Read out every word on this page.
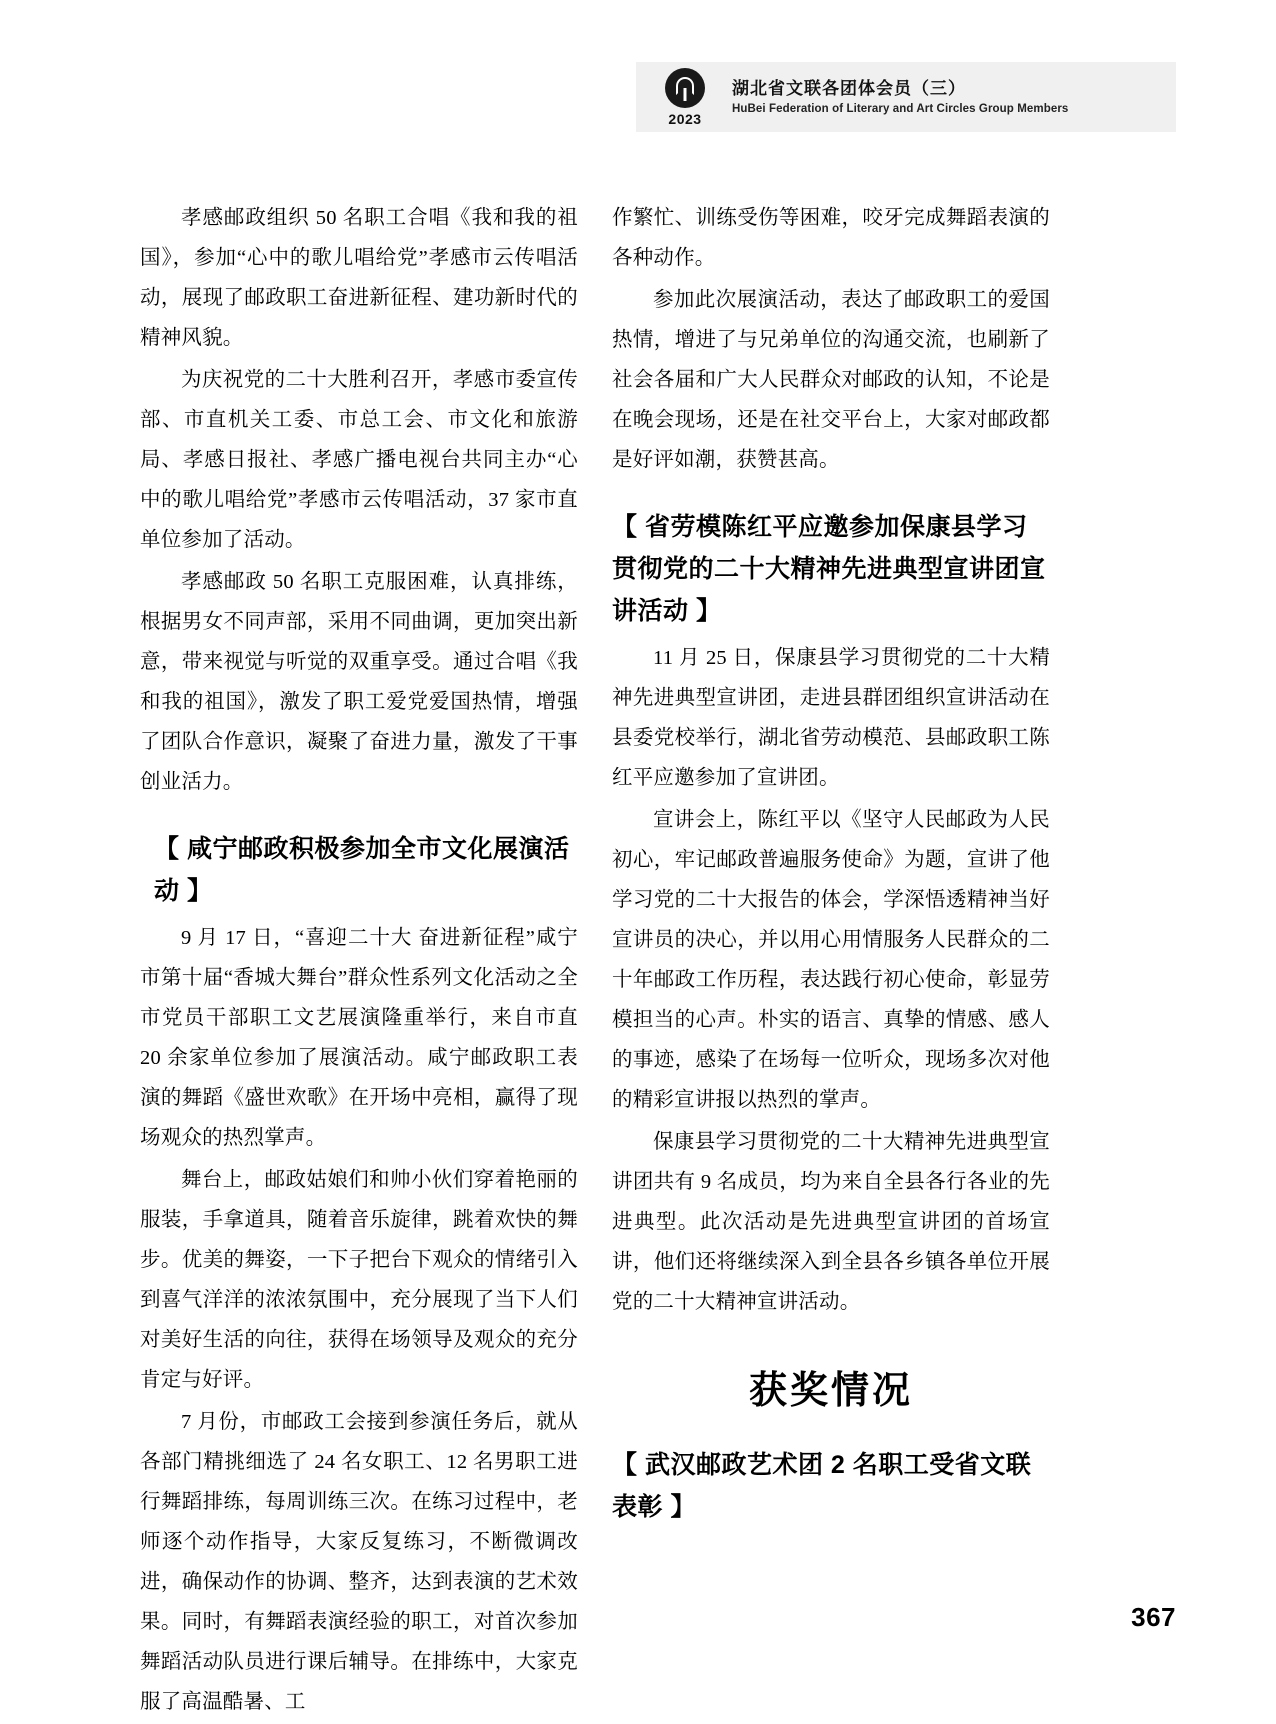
2023
湖北省文联各团体会员（三）
HuBei Federation of Literary and Art Circles Group Members

孝感邮政组织 50 名职工合唱《我和我的祖国》，参加“心中的歌儿唱给党”孝感市云传唱活动，展现了邮政职工奋进新征程、建功新时代的精神风貌。

为庆祝党的二十大胜利召开，孝感市委宣传部、市直机关工委、市总工会、市文化和旅游局、孝感日报社、孝感广播电视台共同主办“心中的歌儿唱给党”孝感市云传唱活动，37 家市直单位参加了活动。

孝感邮政 50 名职工克服困难，认真排练，根据男女不同声部，采用不同曲调，更加突出新意，带来视觉与听觉的双重享受。通过合唱《我和我的祖国》，激发了职工爱党爱国热情，增强了团队合作意识，凝聚了奋进力量，激发了干事创业活力。

【 咸宁邮政积极参加全市文化展演活动 】

9 月 17 日，“喜迎二十大 奋进新征程”咸宁市第十届“香城大舞台”群众性系列文化活动之全市党员干部职工文艺展演隆重举行，来自市直 20 余家单位参加了展演活动。咸宁邮政职工表演的舞蹈《盛世欢歌》在开场中亮相，赢得了现场观众的热烈掌声。

舞台上，邮政姑娘们和帅小伙们穿着艳丽的服装，手拿道具，随着音乐旋律，跳着欢快的舞步。优美的舞姿，一下子把台下观众的情绪引入到喜气洋洋的浓浓氛围中，充分展现了当下人们对美好生活的向往，获得在场领导及观众的充分肯定与好评。

7 月份，市邮政工会接到参演任务后，就从各部门精挑细选了 24 名女职工、12 名男职工进行舞蹈排练，每周训练三次。在练习过程中，老师逐个动作指导，大家反复练习，不断微调改进，确保动作的协调、整齐，达到表演的艺术效果。同时，有舞蹈表演经验的职工，对首次参加舞蹈活动队员进行课后辅导。在排练中，大家克服了高温酷暑、工

作繁忙、训练受伤等困难，咬牙完成舞蹈表演的各种动作。

参加此次展演活动，表达了邮政职工的爱国热情，增进了与兄弟单位的沟通交流，也刷新了社会各届和广大人民群众对邮政的认知，不论是在晚会现场，还是在社交平台上，大家对邮政都是好评如潮，获赞甚高。

【 省劳模陈红平应邀参加保康县学习贯彻党的二十大精神先进典型宣讲团宣讲活动 】

11 月 25 日，保康县学习贯彻党的二十大精神先进典型宣讲团，走进县群团组织宣讲活动在县委党校举行，湖北省劳动模范、县邮政职工陈红平应邀参加了宣讲团。

宣讲会上，陈红平以《坚守人民邮政为人民初心，牢记邮政普遍服务使命》为题，宣讲了他学习党的二十大报告的体会，学深悟透精神当好宣讲员的决心，并以用心用情服务人民群众的二十年邮政工作历程，表达践行初心使命，彰显劳模担当的心声。朴实的语言、真挚的情感、感人的事迹，感染了在场每一位听众，现场多次对他的精彩宣讲报以热烈的掌声。

保康县学习贯彻党的二十大精神先进典型宣讲团共有 9 名成员，均为来自全县各行各业的先进典型。此次活动是先进典型宣讲团的首场宣讲，他们还将继续深入到全县各乡镇各单位开展党的二十大精神宣讲活动。

获奖情况
【 武汉邮政艺术团 2 名职工受省文联表彰 】
367
